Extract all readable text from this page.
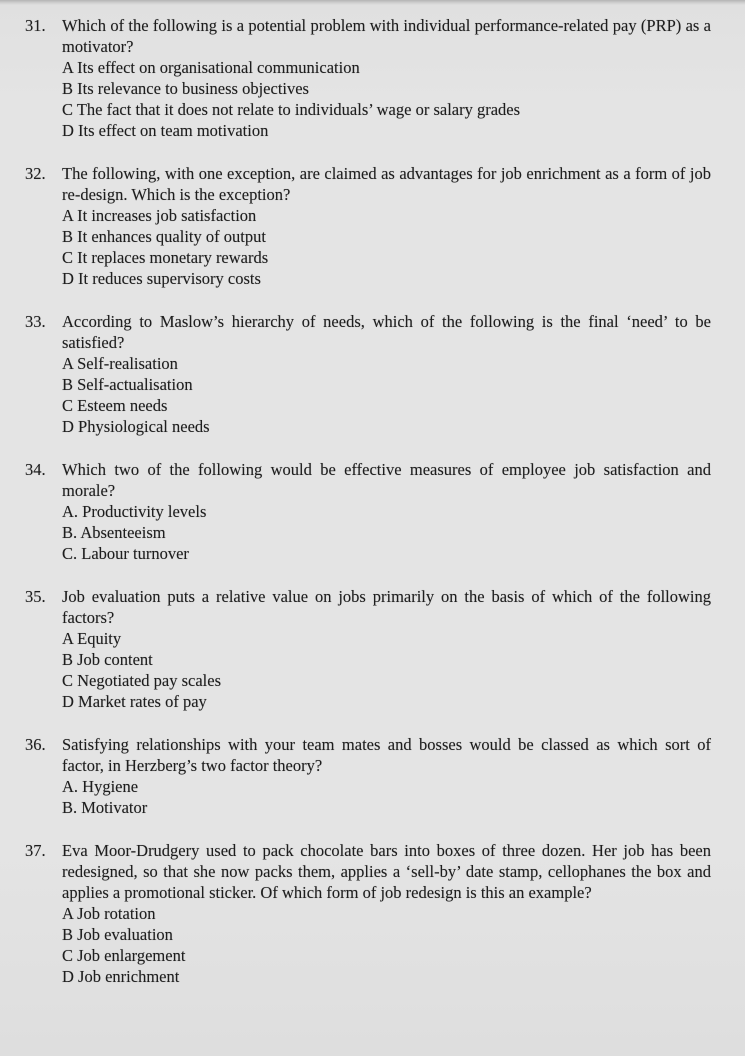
31. Which of the following is a potential problem with individual performance-related pay (PRP) as a motivator?

A Its effect on organisational communication
B Its relevance to business objectives
C The fact that it does not relate to individuals’ wage or salary grades
D Its effect on team motivation
32. The following, with one exception, are claimed as advantages for job enrichment as a form of job re-design. Which is the exception?

A It increases job satisfaction
B It enhances quality of output
C It replaces monetary rewards
D It reduces supervisory costs
33. According to Maslow’s hierarchy of needs, which of the following is the final ‘need’ to be satisfied?

A Self-realisation
B Self-actualisation
C Esteem needs
D Physiological needs
34. Which two of the following would be effective measures of employee job satisfaction and morale?

A. Productivity levels
B. Absenteeism
C. Labour turnover
35. Job evaluation puts a relative value on jobs primarily on the basis of which of the following factors?

A Equity
B Job content
C Negotiated pay scales
D Market rates of pay
36. Satisfying relationships with your team mates and bosses would be classed as which sort of factor, in Herzberg’s two factor theory?

A. Hygiene
B. Motivator
37. Eva Moor-Drudgery used to pack chocolate bars into boxes of three dozen. Her job has been redesigned, so that she now packs them, applies a ‘sell-by’ date stamp, cellophanes the box and applies a promotional sticker. Of which form of job redesign is this an example?

A Job rotation
B Job evaluation
C Job enlargement
D Job enrichment
